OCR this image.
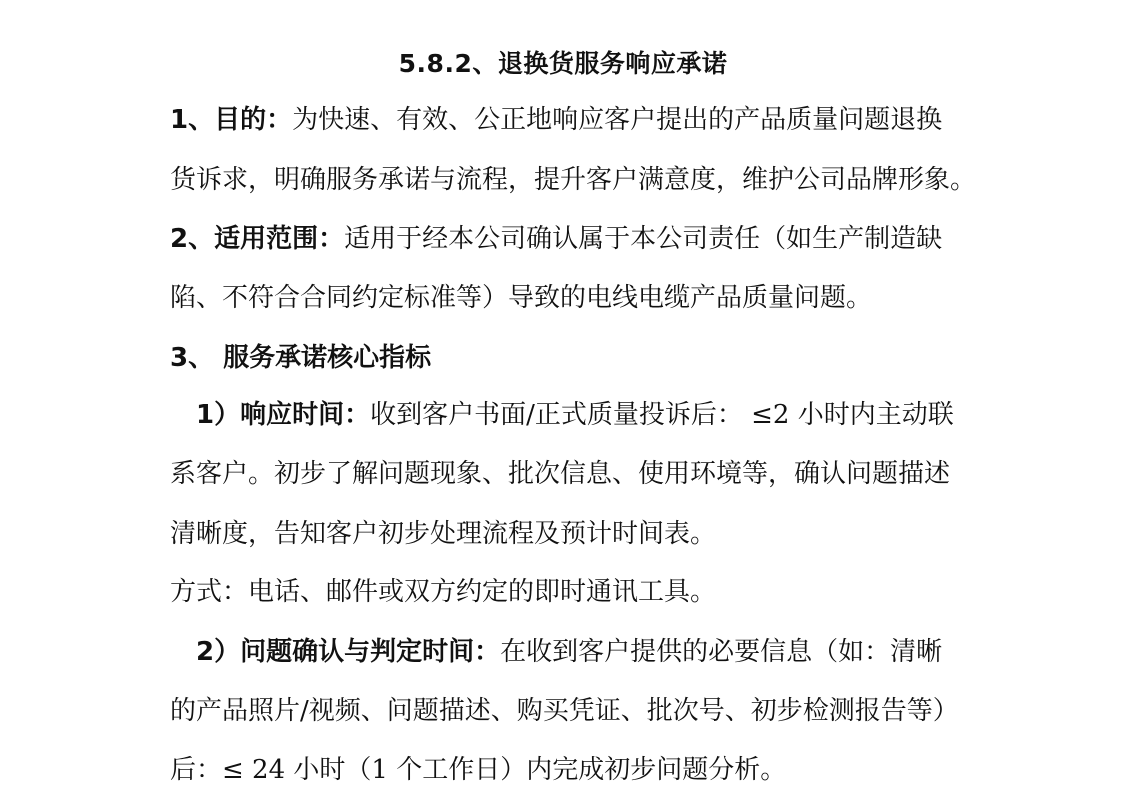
5.8.2、退换货服务响应承诺
1、目的：为快速、有效、公正地响应客户提出的产品质量问题退换
货诉求，明确服务承诺与流程，提升客户满意度，维护公司品牌形象。
2、适用范围：适用于经本公司确认属于本公司责任（如生产制造缺
陷、不符合合同约定标准等）导致的电线电缆产品质量问题。
3、 服务承诺核心指标
1）响应时间：收到客户书面/正式质量投诉后： ≤2 小时内主动联
系客户。初步了解问题现象、批次信息、使用环境等，确认问题描述
清晰度，告知客户初步处理流程及预计时间表。
方式：电话、邮件或双方约定的即时通讯工具。
2）问题确认与判定时间：在收到客户提供的必要信息（如：清晰
的产品照片/视频、问题描述、购买凭证、批次号、初步检测报告等）
后：≤ 24 小时（1 个工作日）内完成初步问题分析。
